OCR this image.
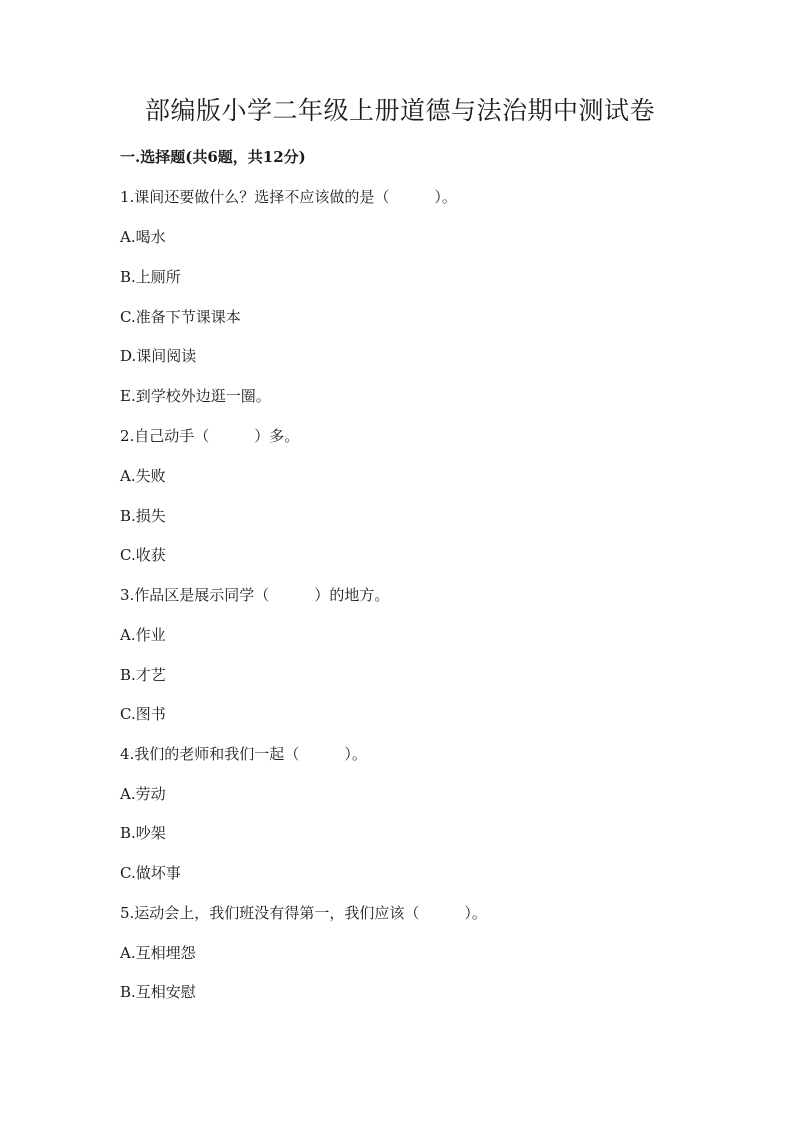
部编版小学二年级上册道德与法治期中测试卷
一.选择题(共6题，共12分)
1.课间还要做什么？选择不应该做的是（　　　）。
A.喝水
B.上厕所
C.准备下节课课本
D.课间阅读
E.到学校外边逛一圈。
2.自己动手（　　　）多。
A.失败
B.损失
C.收获
3.作品区是展示同学（　　　）的地方。
A.作业
B.才艺
C.图书
4.我们的老师和我们一起（　　　）。
A.劳动
B.吵架
C.做坏事
5.运动会上，我们班没有得第一，我们应该（　　　）。
A.互相埋怨
B.互相安慰
